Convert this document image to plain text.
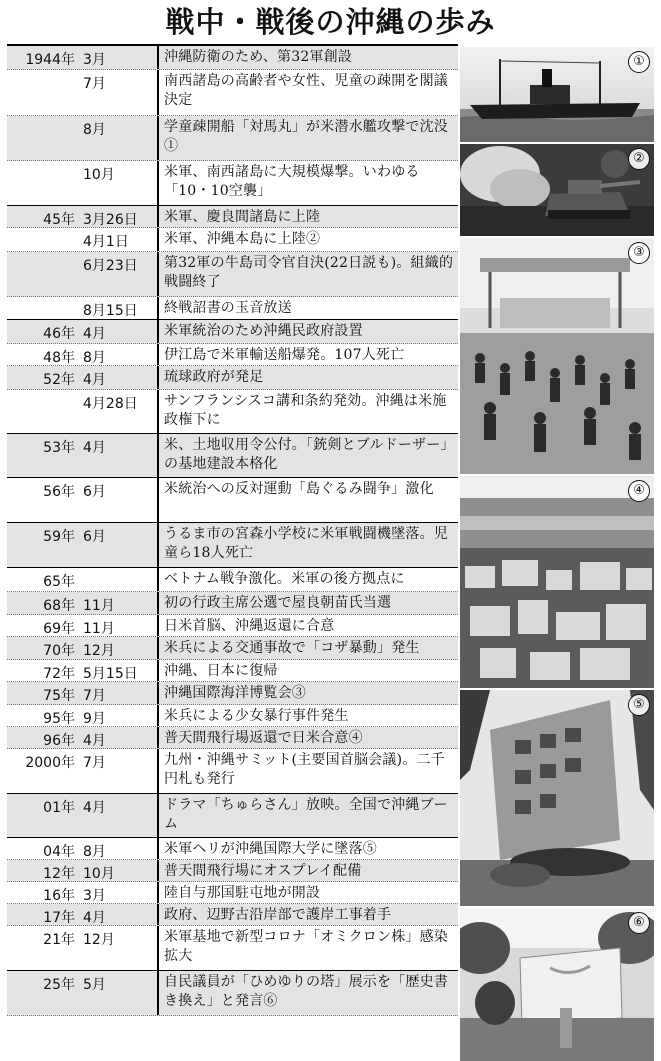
戦中・戦後の沖縄の歩み
1944年 3月	沖縄防衛のため、第32軍創設
7月	南西諸島の高齢者や女性、児童の疎開を閣議決定
8月	学童疎開船「対馬丸」が米潜水艦攻撃で沈没①
10月	米軍、南西諸島に大規模爆撃。いわゆる「10・10空襲」
45年 3月26日 米軍、慶良間諸島に上陸
4月1日	米軍、沖縄本島に上陸②
6月23日 第32軍の牛島司令官自決(22日説も)。組織的戦闘終了
8月15日 終戦詔書の玉音放送
46年 4月	米軍統治のため沖縄民政府設置
48年 8月	伊江島で米軍輸送船爆発。107人死亡
52年 4月	琉球政府が発足
4月28日 サンフランシスコ講和条約発効。沖縄は米施政権下に
53年 4月	米、土地収用令公付。「銃剣とブルドーザー」の基地建設本格化
56年 6月	米統治への反対運動「島ぐるみ闘争」激化
59年 6月	うるま市の宮森小学校に米軍戦闘機墜落。児童ら18人死亡
65年	ベトナム戦争激化。米軍の後方拠点に
68年 11月	初の行政主席公選で屋良朝苗氏当選
69年 11月	日米首脳、沖縄返還に合意
70年 12月	米兵による交通事故で「コザ暴動」発生
72年 5月15日 沖縄、日本に復帰
75年 7月	沖縄国際海洋博覧会③
95年 9月	米兵による少女暴行事件発生
96年 4月	普天間飛行場返還で日米合意④
2000年 7月	九州・沖縄サミット(主要国首脳会議)。二千円札も発行
01年 4月	ドラマ「ちゅらさん」放映。全国で沖縄ブーム
04年 8月	米軍ヘリが沖縄国際大学に墜落⑤
12年 10月	普天間飛行場にオスプレイ配備
16年 3月	陸自与那国駐屯地が開設
17年 4月	政府、辺野古沿岸部で護岸工事着手
21年 12月	米軍基地で新型コロナ「オミクロン株」感染拡大
25年 5月	自民議員が「ひめゆりの塔」展示を「歴史書き換え」と発言⑥
①
②
③
④
⑤
⑥
